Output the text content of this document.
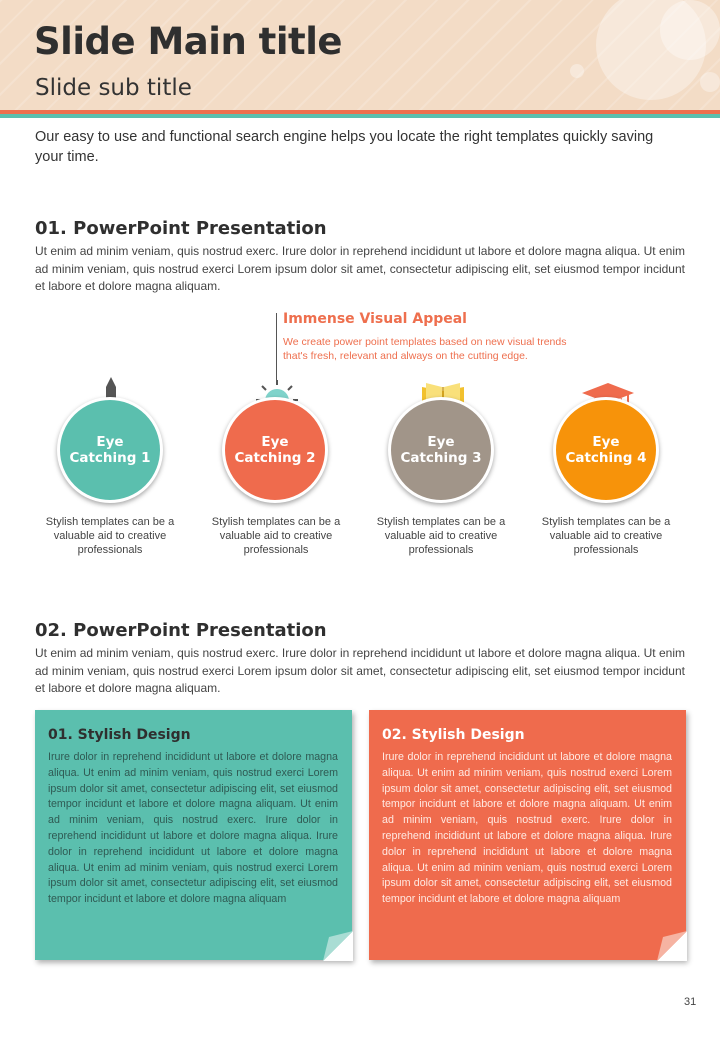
Slide Main title
Slide sub title
Our easy to use and functional search engine helps you locate the right templates quickly saving your time.
01. PowerPoint Presentation
Ut enim ad minim veniam, quis nostrud exerc. Irure dolor in reprehend incididunt ut labore et dolore magna aliqua. Ut enim ad minim veniam, quis nostrud exerci Lorem ipsum dolor sit amet, consectetur adipiscing elit, set eiusmod tempor incidunt et labore et dolore magna aliquam.
Immense Visual Appeal
We create power point templates based on new visual trends
that's fresh, relevant and always on the cutting edge.
Eye
Catching 1
Stylish templates can be a valuable aid to creative professionals
Eye
Catching 2
Stylish templates can be a valuable aid to creative professionals
Eye
Catching 3
Stylish templates can be a valuable aid to creative professionals
Eye
Catching 4
Stylish templates can be a valuable aid to creative professionals
02. PowerPoint Presentation
Ut enim ad minim veniam, quis nostrud exerc. Irure dolor in reprehend incididunt ut labore et dolore magna aliqua. Ut enim ad minim veniam, quis nostrud exerci Lorem ipsum dolor sit amet, consectetur adipiscing elit, set eiusmod tempor incidunt et labore et dolore magna aliquam.
01. Stylish Design
Irure dolor in reprehend incididunt ut labore et dolore magna aliqua. Ut enim ad minim veniam, quis nostrud exerci Lorem ipsum dolor sit amet, consectetur adipiscing elit, set eiusmod tempor incidunt et labore et dolore magna aliquam. Ut enim ad minim veniam, quis nostrud exerc. Irure dolor in reprehend incididunt ut labore et dolore magna aliqua. Irure dolor in reprehend incididunt ut labore et dolore magna aliqua. Ut enim ad minim veniam, quis nostrud exerci Lorem ipsum dolor sit amet, consectetur adipiscing elit, set eiusmod tempor incidunt et labore et dolore magna aliquam
02. Stylish Design
Irure dolor in reprehend incididunt ut labore et dolore magna aliqua. Ut enim ad minim veniam, quis nostrud exerci Lorem ipsum dolor sit amet, consectetur adipiscing elit, set eiusmod tempor incidunt et labore et dolore magna aliquam. Ut enim ad minim veniam, quis nostrud exerc. Irure dolor in reprehend incididunt ut labore et dolore magna aliqua. Irure dolor in reprehend incididunt ut labore et dolore magna aliqua. Ut enim ad minim veniam, quis nostrud exerci Lorem ipsum dolor sit amet, consectetur adipiscing elit, set eiusmod tempor incidunt et labore et dolore magna aliquam
31
